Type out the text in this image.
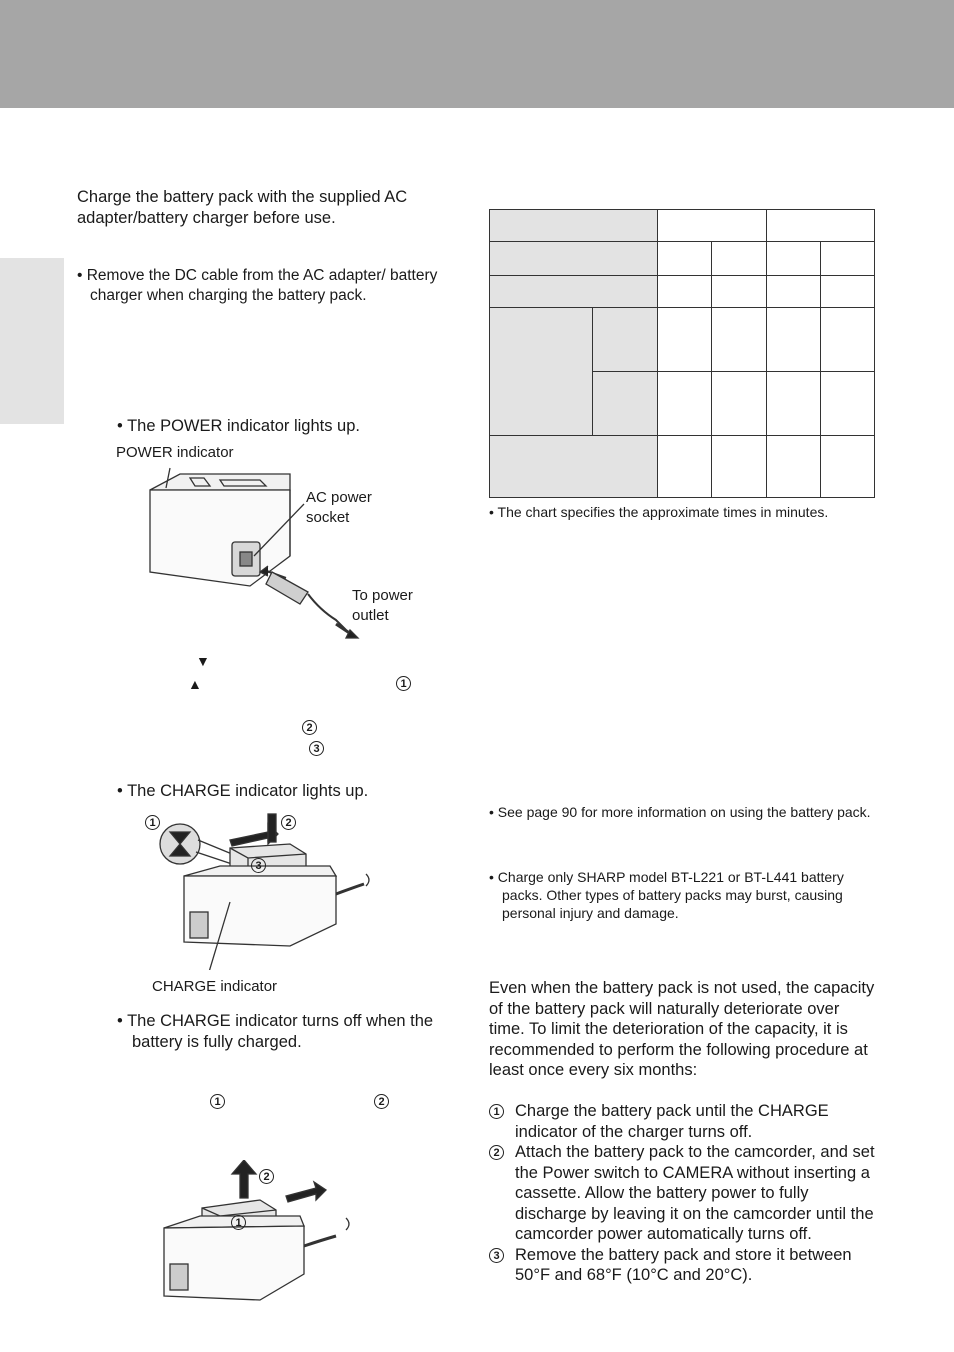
Charge the battery pack with the supplied AC adapter/battery charger before use.
• Remove the DC cable from the AC adapter/ battery charger when charging the battery pack.
• The POWER indicator lights up.
POWER indicator
AC power socket
To power outlet
▼
▲	1
2
3
• The CHARGE indicator lights up.
1	2
3
CHARGE indicator
• The CHARGE indicator turns off when the battery is fully charged.
1	2
2
1

• The chart specifies the approximate times in minutes.
• See page 90 for more information on using the battery pack.
• Charge only SHARP model BT-L221 or BT-L441 battery packs. Other types of battery packs may burst, causing personal injury and damage.
Even when the battery pack is not used, the capacity of the battery pack will naturally deteriorate over time. To limit the deterioration of the capacity, it is recommended to perform the following procedure at least once every six months:
1 Charge the battery pack until the CHARGE indicator of the charger turns off.
2 Attach the battery pack to the camcorder, and set the Power switch to CAMERA without inserting a cassette. Allow the battery power to fully discharge by leaving it on the camcorder until the camcorder power automatically turns off.
3 Remove the battery pack and store it between 50°F and 68°F (10°C and 20°C).
